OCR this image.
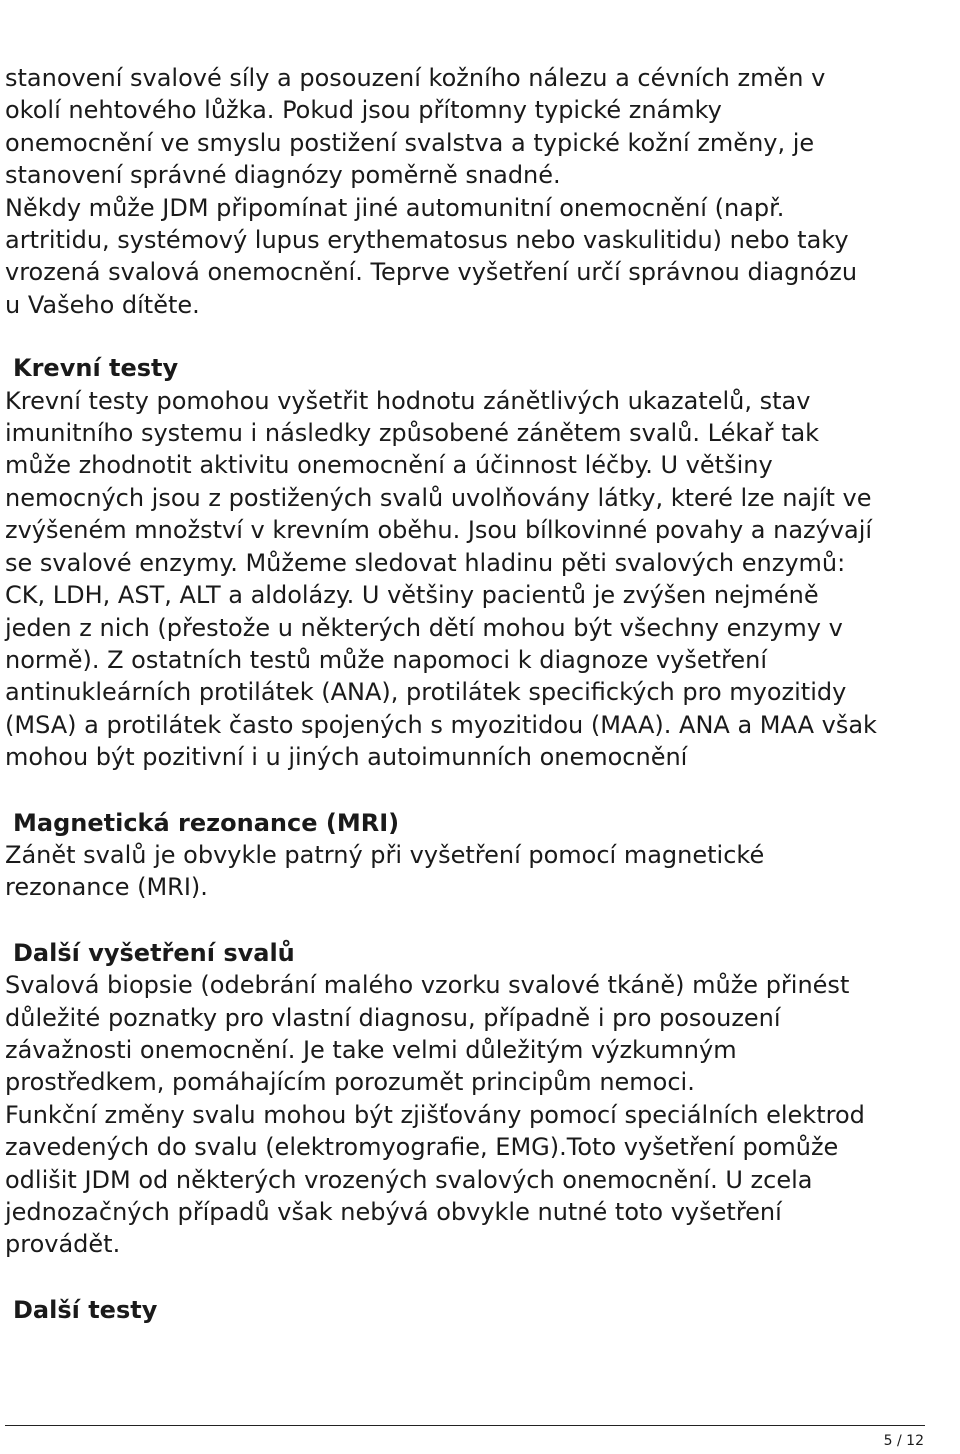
stanovení svalové síly a posouzení kožního nálezu a cévních změn v
okolí nehtového lůžka. Pokud jsou přítomny typické známky
onemocnění ve smyslu postižení svalstva a typické kožní změny, je
stanovení správné diagnózy poměrně snadné.
Někdy může JDM připomínat jiné automunitní onemocnění (např.
artritidu, systémový lupus erythematosus nebo vaskulitidu) nebo taky
vrozená svalová onemocnění. Teprve vyšetření určí správnou diagnózu
u Vašeho dítěte.
Krevní testy
Krevní testy pomohou vyšetřit hodnotu zánětlivých ukazatelů, stav
imunitního systemu i následky způsobené zánětem svalů. Lékař tak
může zhodnotit aktivitu onemocnění a účinnost léčby. U většiny
nemocných jsou z postižených svalů uvolňovány látky, které lze najít ve
zvýšeném množství v krevním oběhu. Jsou bílkovinné povahy a nazývají
se svalové enzymy. Můžeme sledovat hladinu pěti svalových enzymů:
CK, LDH, AST, ALT a aldolázy. U většiny pacientů je zvýšen nejméně
jeden z nich (přestože u některých dětí mohou být všechny enzymy v
normě). Z ostatních testů může napomoci k diagnoze vyšetření
antinukleárních protilátek (ANA), protilátek specifických pro myozitidy
(MSA) a protilátek často spojených s myozitidou (MAA). ANA a MAA však
mohou být pozitivní i u jiných autoimunních onemocnění
Magnetická rezonance (MRI)
Zánět svalů je obvykle patrný při vyšetření pomocí magnetické
rezonance (MRI).
Další vyšetření svalů
Svalová biopsie (odebrání malého vzorku svalové tkáně) může přinést
důležité poznatky pro vlastní diagnosu, případně i pro posouzení
závažnosti onemocnění. Je take velmi důležitým výzkumným
prostředkem, pomáhajícím porozumět principům nemoci.
Funkční změny svalu mohou být zjišťovány pomocí speciálních elektrod
zavedených do svalu (elektromyografie, EMG).Toto vyšetření pomůže
odlišit JDM od některých vrozených svalových onemocnění. U zcela
jednozačných případů však nebývá obvykle nutné toto vyšetření
provádět.
Další testy
5 / 12
